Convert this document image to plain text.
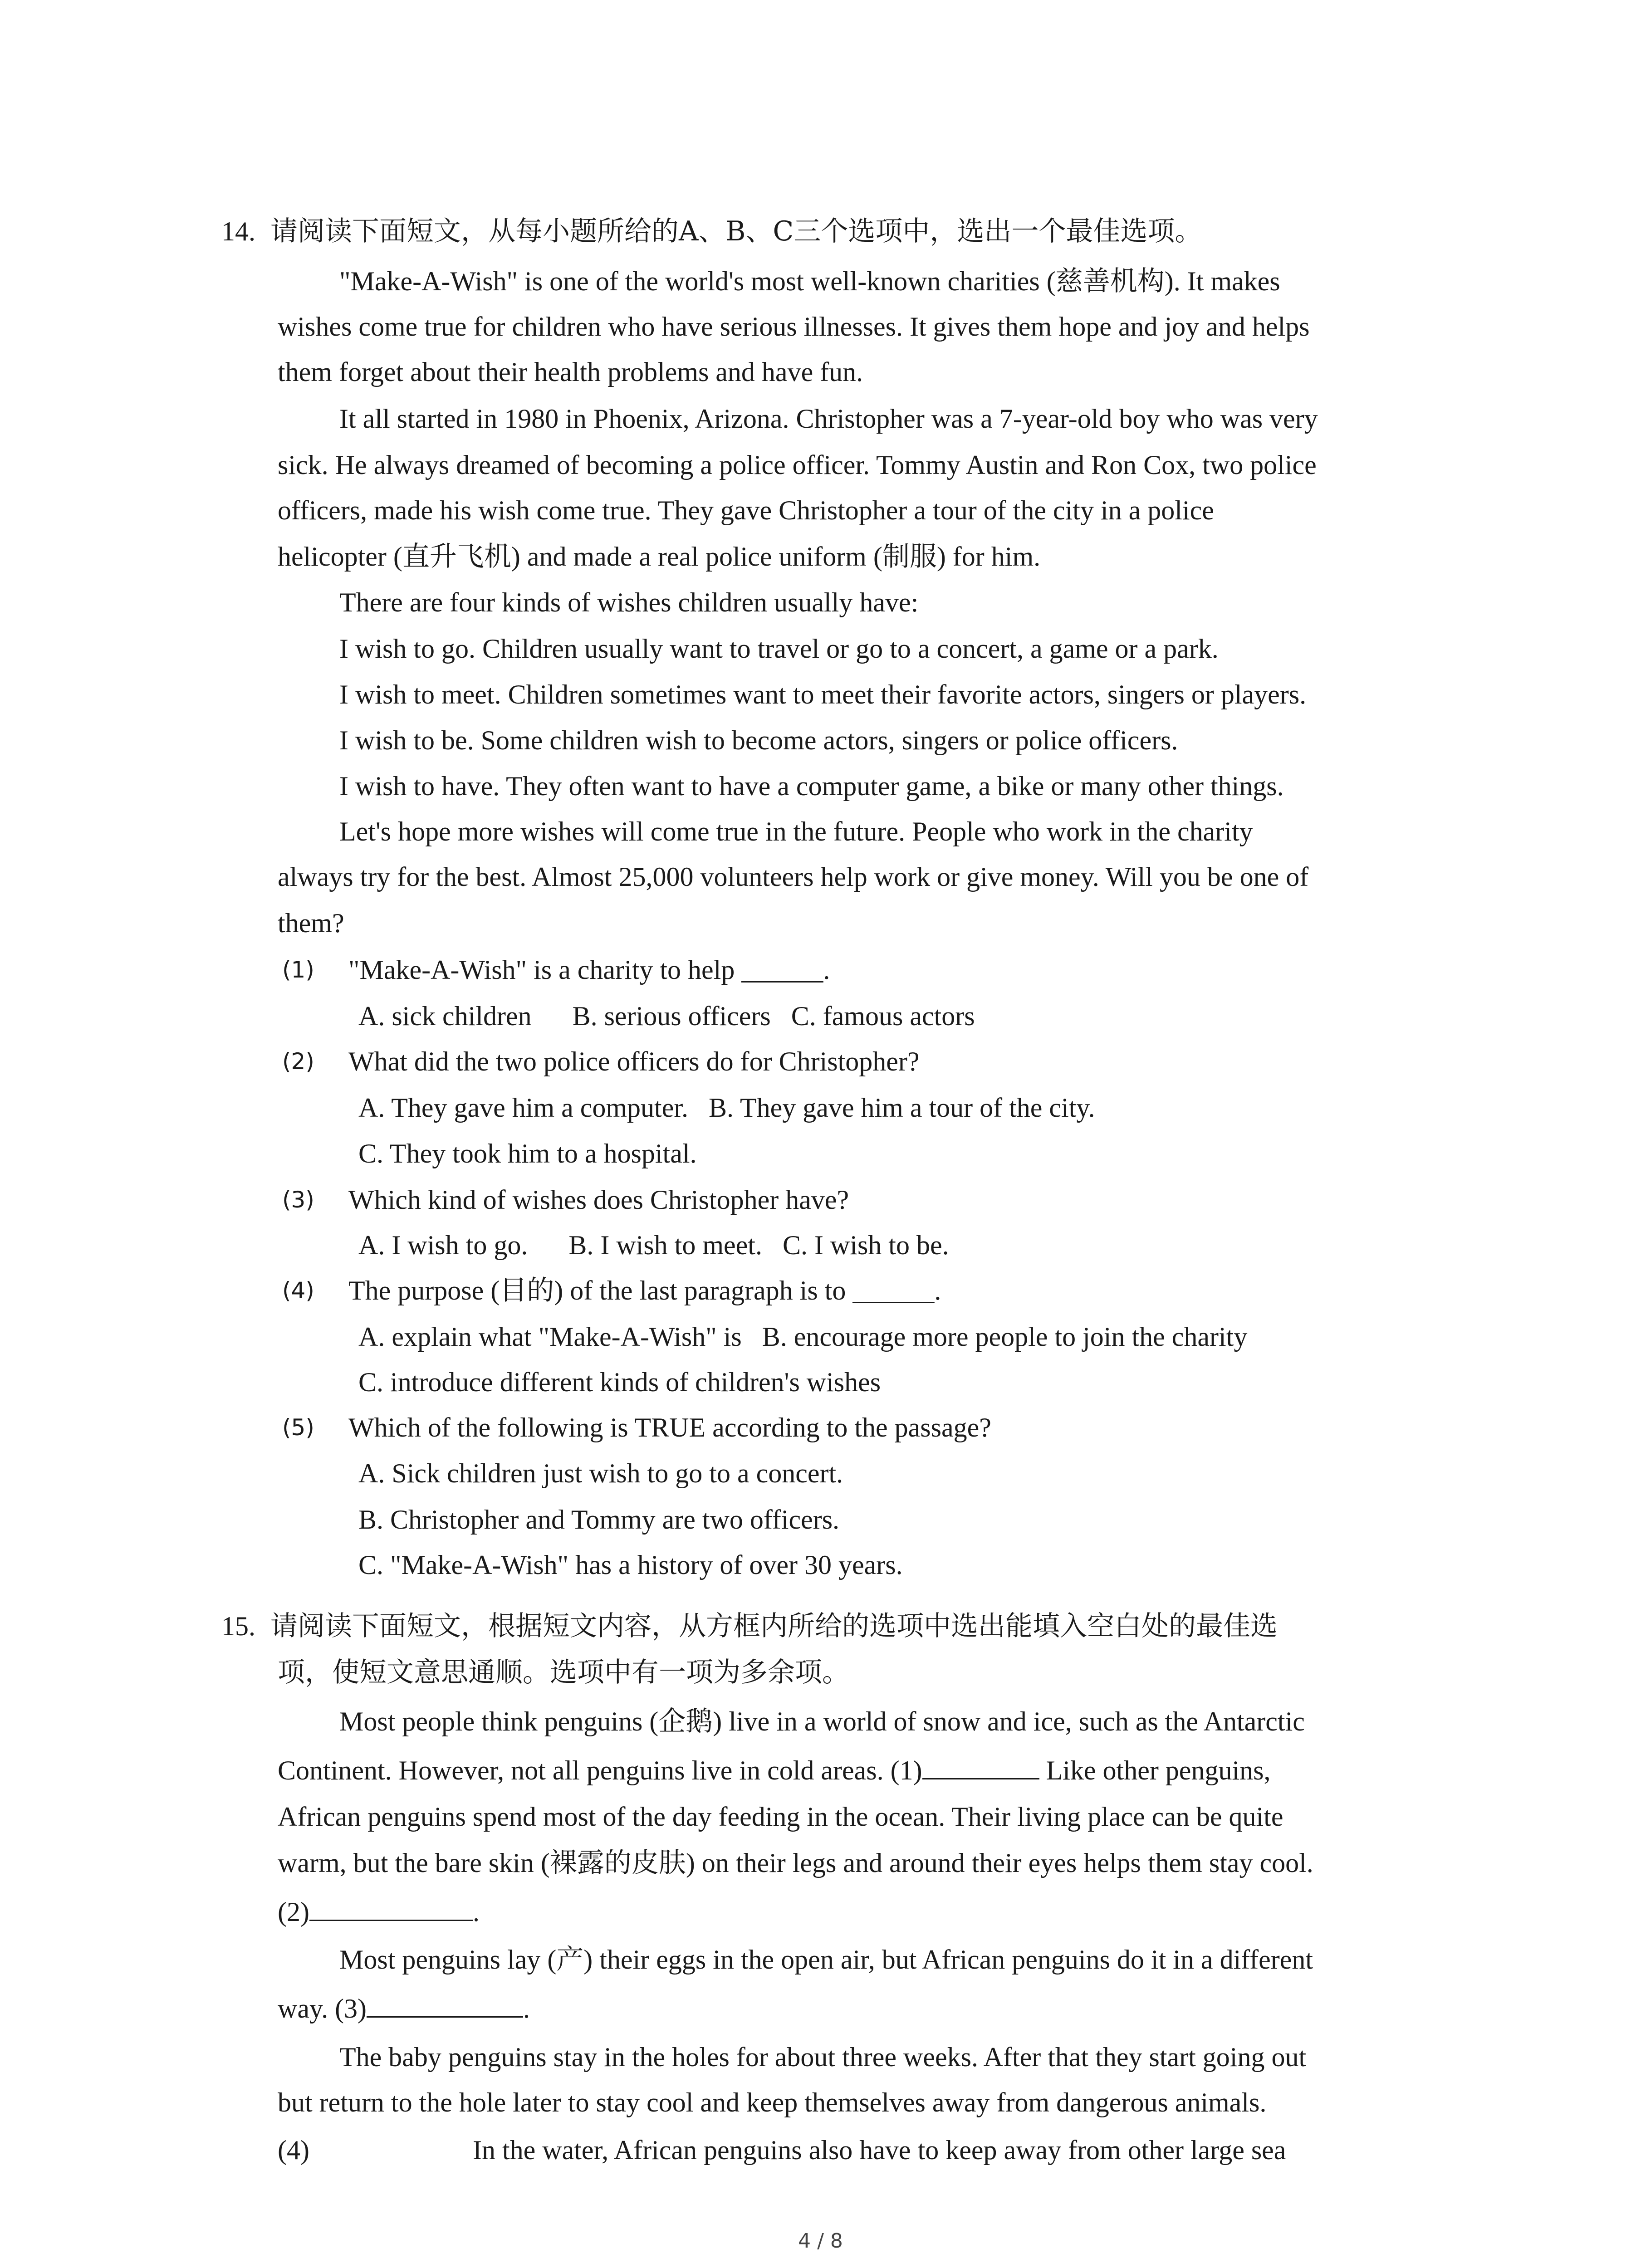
14. 请阅读下面短文，从每小题所给的A、B、C三个选项中，选出一个最佳选项。
"Make-A-Wish" is one of the world's most well-known charities (慈善机构). It makes
wishes come true for children who have serious illnesses. It gives them hope and joy and helps
them forget about their health problems and have fun.
It all started in 1980 in Phoenix, Arizona. Christopher was a 7-year-old boy who was very
sick. He always dreamed of becoming a police officer. Tommy Austin and Ron Cox, two police
officers, made his wish come true. They gave Christopher a tour of the city in a police
helicopter (直升飞机) and made a real police uniform (制服) for him.
There are four kinds of wishes children usually have:
I wish to go. Children usually want to travel or go to a concert, a game or a park.
I wish to meet. Children sometimes want to meet their favorite actors, singers or players.
I wish to be. Some children wish to become actors, singers or police officers.
I wish to have. They often want to have a computer game, a bike or many other things.
Let's hope more wishes will come true in the future. People who work in the charity
always try for the best. Almost 25,000 volunteers help work or give money. Will you be one of
them?
(1) "Make-A-Wish" is a charity to help ______.
A. sick children      B. serious officers   C. famous actors
(2) What did the two police officers do for Christopher?
A. They gave him a computer.   B. They gave him a tour of the city.
C. They took him to a hospital.
(3) Which kind of wishes does Christopher have?
A. I wish to go.      B. I wish to meet.   C. I wish to be.
(4) The purpose (目的) of the last paragraph is to ______.
A. explain what "Make-A-Wish" is   B. encourage more people to join the charity
C. introduce different kinds of children's wishes
(5) Which of the following is TRUE according to the passage?
A. Sick children just wish to go to a concert.
B. Christopher and Tommy are two officers.
C. "Make-A-Wish" has a history of over 30 years.
15. 请阅读下面短文，根据短文内容，从方框内所给的选项中选出能填入空白处的最佳选
项，使短文意思通顺。选项中有一项为多余项。
Most people think penguins (企鹅) live in a world of snow and ice, such as the Antarctic
Continent. However, not all penguins live in cold areas. (1)	Like other penguins,
African penguins spend most of the day feeding in the ocean. Their living place can be quite
warm, but the bare skin (裸露的皮肤) on their legs and around their eyes helps them stay cool.
(2)	.
Most penguins lay (产) their eggs in the open air, but African penguins do it in a different
way. (3)	.
The baby penguins stay in the holes for about three weeks. After that they start going out
but return to the hole later to stay cool and keep themselves away from dangerous animals.
(4)	In the water, African penguins also have to keep away from other large sea
4 / 8
